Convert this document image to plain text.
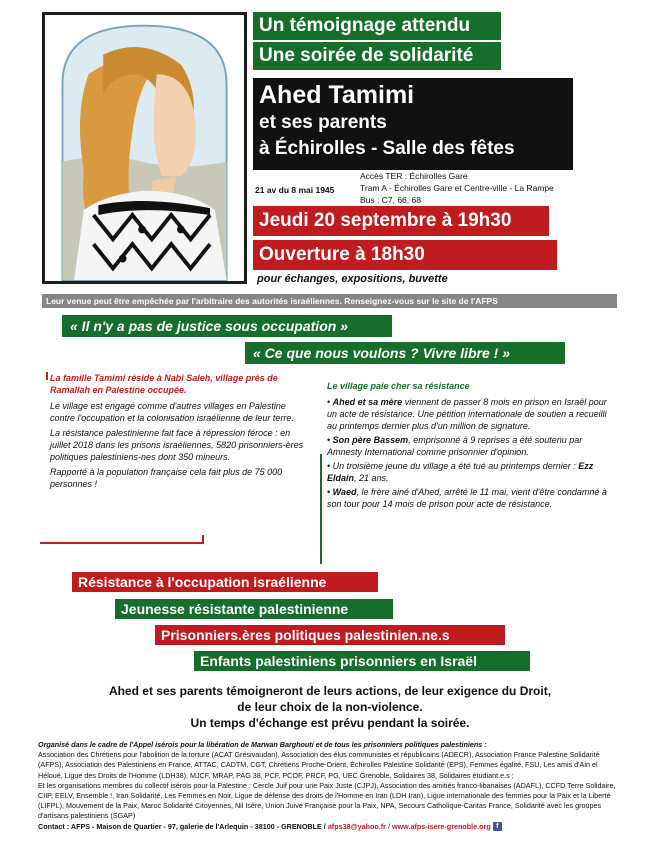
Un témoignage attendu
Une soirée de solidarité
Ahed Tamimi
et ses parents
à Échirolles - Salle des fêtes
21 av du 8 mai 1945
Accès TER : Échirolles Gare
Tram A - Échirolles Gare et Centre-ville - La Rampe
Bus : C7, 66, 68
Jeudi 20 septembre à 19h30
Ouverture à 18h30
pour échanges, expositions, buvette
Leur venue peut être empêchée par l'arbitraire des autorités israéliennes. Renseignez-vous sur le site de l'AFPS
« Il n'y a pas de justice sous occupation »
« Ce que nous voulons ? Vivre libre ! »

La famille Tamimi réside à Nabi Saleh, village près de Ramallah en Palestine occupée.

Le village est engagé comme d'autres villages en Palestine contre l'occupation et la colonisation israélienne de leur terre.

La résistance palestinienne fait face à répression féroce : en juillet 2018 dans les prisons israéliennes, 5820 prisonniers-ères politiques palestiniens-nes dont 350 mineurs.

Rapporté à la population française cela fait plus de 75 000 personnes !

Le village paie cher sa résistance

• Ahed et sa mère viennent de passer 8 mois en prison en Israël pour un acte de résistance. Une pétition internationale de soutien a recueilli au printemps dernier plus d'un million de signature.

• Son père Bassem, emprisonné à 9 reprises a été soutenu par Amnesty International comme prisonnier d'opinion.

• Un troisième jeune du village a été tué au printemps dernier : Ezz Eldain, 21 ans.

• Waed, le frère ainé d'Ahed, arrêté le 11 mai, vient d'être condamné à son tour pour 14 mois de prison pour acte de résistance.

Résistance à l'occupation israélienne
Jeunesse résistante palestinienne
Prisonniers.ères politiques palestinien.ne.s
Enfants palestiniens prisonniers en Israël
Ahed et ses parents témoigneront de leurs actions, de leur exigence du Droit,
de leur choix de la non-violence.
Un temps d'échange est prévu pendant la soirée.
Organisé dans le cadre de l'Appel isérois pour la libération de Marwan Barghouti et de tous les prisonniers politiques palestiniens :
Association des Chrétiens pour l'abolition de la torture (ACAT Grésivaudan), Association des élus communistes et républicains (ADECR), Association France Palestine Solidarité (AFPS), Association des Palestiniens en France, ATTAC, CADTM, CGT, Chrétiens Proche-Orient, Échirolles Palestine Solidarité (EPS), Femmes égalité, FSU, Les amis d'Ain el Héloué, Ligue des Droits de l'Homme (LDH38), MJCF, MRAP, PAG 38, PCF, PCOF, PRCF, PG, UEC Grenoble, Solidaires 38, Solidaires étudiant.e.s ;
Et les organisations membres du collectif isérois pour la Palestine : Cercle Juif pour une Paix Juste (CJPJ), Association des amitiés franco-libanaises (ADAFL), CCFD Terre Solidaire, CIIP, EELV, Ensemble !, Iran Solidarité, Les Femmes en Noir, Ligue de défense des droits de l'Homme en Iran (LDH Iran), Ligue internationale des femmes pour la Paix et la Liberté (LIFPL), Mouvement de la Paix, Maroc Solidarité Citoyennes, Nil Isère, Union Juive Française pour la Paix, NPA, Secours Catholique-Caritas France, Solidarité avec les groupes d'artisans palestiniens (SGAP)
Contact : AFPS - Maison de Quartier - 97, galerie de l'Arlequin - 38100 - GRENOBLE / afps38@yahoo.fr / www.afps-isere-grenoble.org f
